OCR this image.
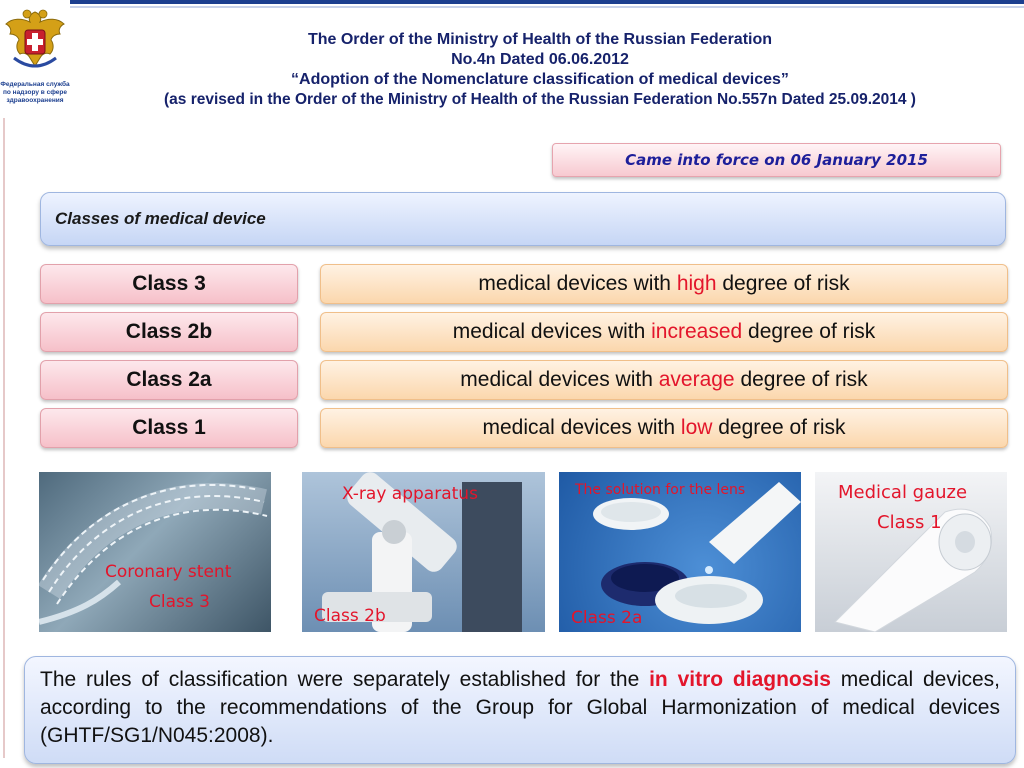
Федеральная служба
по надзору в сфере
здравоохранения
The Order of the Ministry of Health of the Russian Federation
No.4n Dated 06.06.2012
“Adoption of the Nomenclature classification of medical devices”
(as revised in the Order of the Ministry of Health of the Russian Federation No.557n Dated 25.09.2014 )
Came into force on 06 January 2015
Classes of medical device
Class 3	medical devices with high degree of risk
Class 2b	medical devices with increased degree of risk
Class 2a	medical devices with average degree of risk
Class 1	medical devices with low degree of risk
Coronary stent
Class 3
X-ray apparatus
Class 2b
The solution for the lens
Class 2a
Medical gauze
Class 1
The rules of classification were separately established for the in vitro diagnosis medical devices, according to the recommendations of the Group for Global Harmonization of medical devices (GHTF/SG1/N045:2008).
